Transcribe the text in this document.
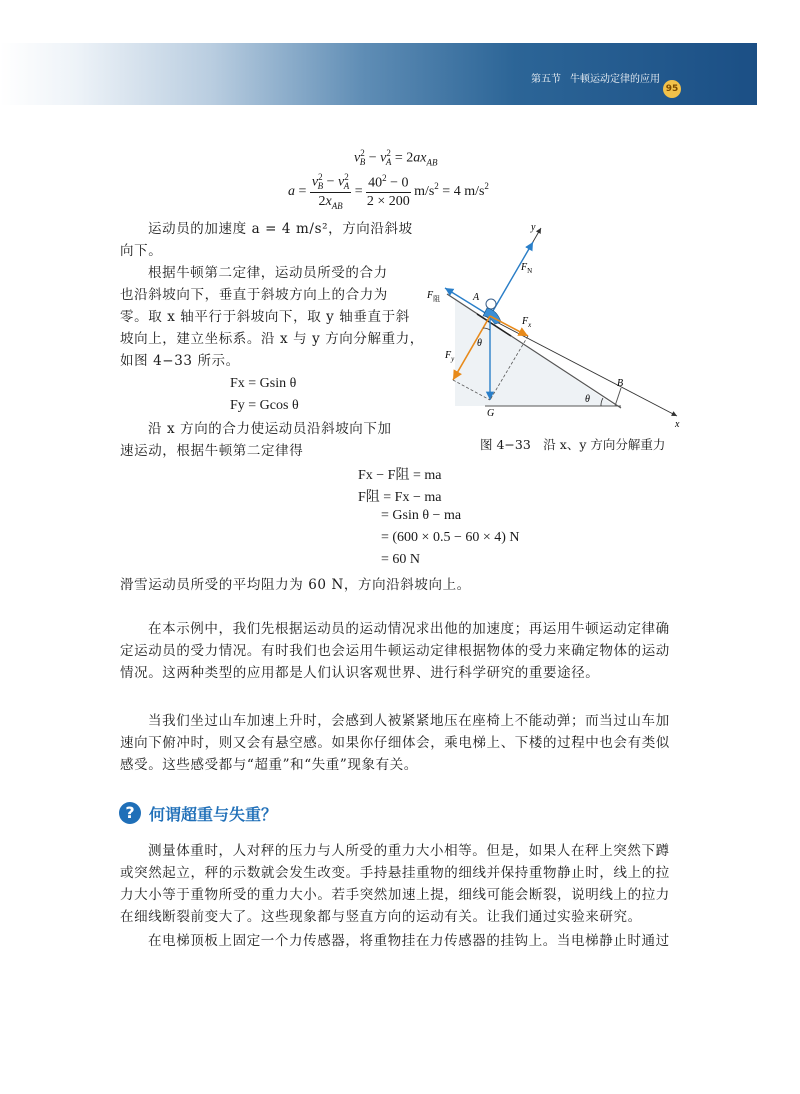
第五节 牛顿运动定律的应用
95
$v^2_B - v^2_A = 2ax_{AB}$
$a = \frac{v^2_B - v^2_A}{2x_{AB}} = \frac{40^2 - 0}{2 \times 200} m/s^2 = 4$ $m/s^2$
运动员的加速度 a = 4 m/s²，方向沿斜坡
向下。
根据牛顿第二定律，运动员所受的合力
也沿斜坡向下，垂直于斜坡方向上的合力为
零。取 x 轴平行于斜坡向下，取 y 轴垂直于斜
坡向上，建立坐标系。沿 x 与 y 方向分解重力，
如图 4−33 所示。
Fx = Gsin θ
Fy = Gcos θ
沿 x 方向的合力使运动员沿斜坡向下加
速运动，根据牛顿第二定律得
Fx − F阻 = ma
F阻 = Fx − ma
= Gsin θ − ma
= (600 × 0.5 − 60 × 4) N
= 60 N
滑雪运动员所受的平均阻力为 60 N，方向沿斜坡向上。
x
y
$F_N$
$F_阻$	A
G
$F_x$
$F_y$
θ
θ
B
图 4−33　沿 x、y 方向分解重力
在本示例中，我们先根据运动员的运动情况求出他的加速度；再运用牛顿运动定律确
定运动员的受力情况。有时我们也会运用牛顿运动定律根据物体的受力来确定物体的运动
情况。这两种类型的应用都是人们认识客观世界、进行科学研究的重要途径。
当我们坐过山车加速上升时，会感到人被紧紧地压在座椅上不能动弹；而当过山车加
速向下俯冲时，则又会有悬空感。如果你仔细体会，乘电梯上、下楼的过程中也会有类似
感受。这些感受都与“超重”和“失重”现象有关。
? 何谓超重与失重？
测量体重时，人对秤的压力与人所受的重力大小相等。但是，如果人在秤上突然下蹲
或突然起立，秤的示数就会发生改变。手持悬挂重物的细线并保持重物静止时，线上的拉
力大小等于重物所受的重力大小。若手突然加速上提，细线可能会断裂，说明线上的拉力
在细线断裂前变大了。这些现象都与竖直方向的运动有关。让我们通过实验来研究。
在电梯顶板上固定一个力传感器，将重物挂在力传感器的挂钩上。当电梯静止时通过
